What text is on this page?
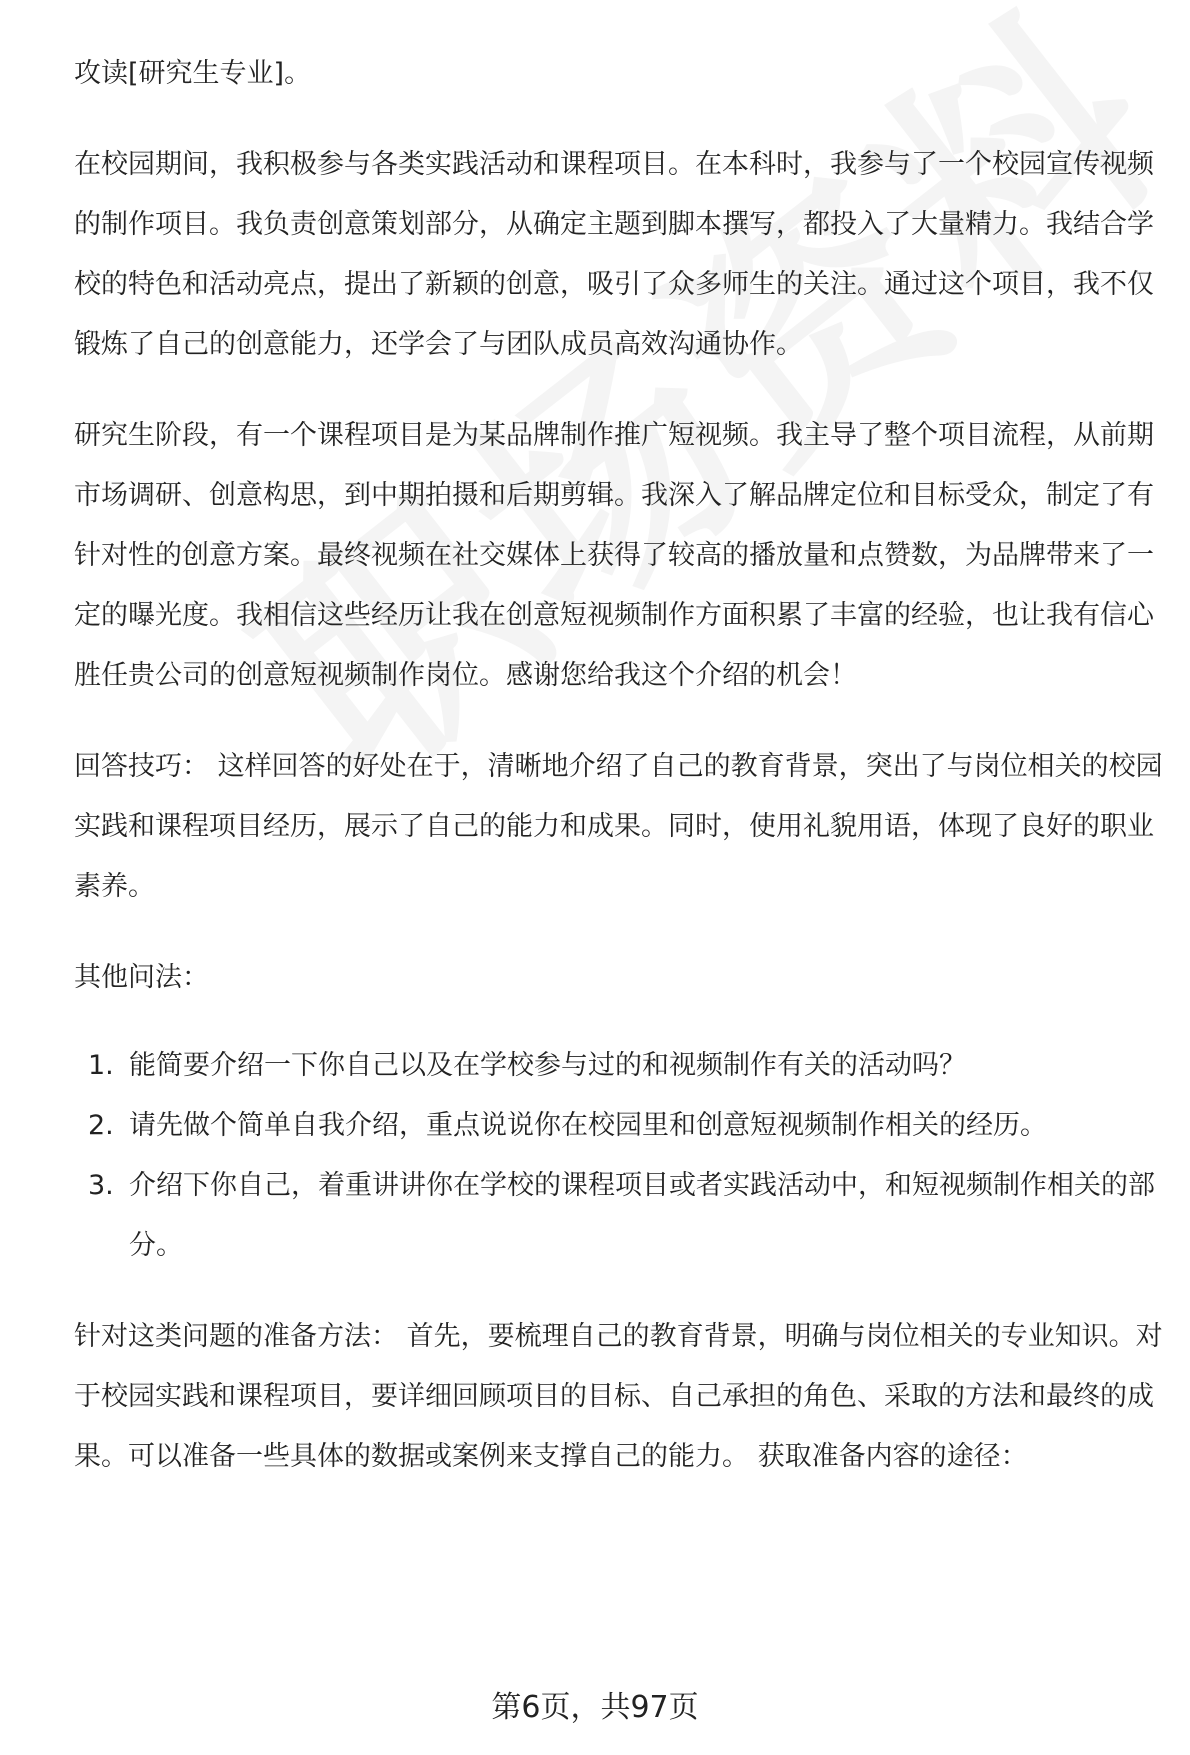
攻读[研究生专业]。

在校园期间，我积极参与各类实践活动和课程项目。在本科时，我参与了一个校园宣传视频的制作项目。我负责创意策划部分，从确定主题到脚本撰写，都投入了大量精力。我结合学校的特色和活动亮点，提出了新颖的创意，吸引了众多师生的关注。通过这个项目，我不仅锻炼了自己的创意能力，还学会了与团队成员高效沟通协作。

研究生阶段，有一个课程项目是为某品牌制作推广短视频。我主导了整个项目流程，从前期市场调研、创意构思，到中期拍摄和后期剪辑。我深入了解品牌定位和目标受众，制定了有针对性的创意方案。最终视频在社交媒体上获得了较高的播放量和点赞数，为品牌带来了一定的曝光度。我相信这些经历让我在创意短视频制作方面积累了丰富的经验，也让我有信心胜任贵公司的创意短视频制作岗位。感谢您给我这个介绍的机会！

回答技巧： 这样回答的好处在于，清晰地介绍了自己的教育背景，突出了与岗位相关的校园实践和课程项目经历，展示了自己的能力和成果。同时，使用礼貌用语，体现了良好的职业素养。

其他问法：

1. 能简要介绍一下你自己以及在学校参与过的和视频制作有关的活动吗？
2. 请先做个简单自我介绍，重点说说你在校园里和创意短视频制作相关的经历。
3. 介绍下你自己，着重讲讲你在学校的课程项目或者实践活动中，和短视频制作相关的部分。

针对这类问题的准备方法： 首先，要梳理自己的教育背景，明确与岗位相关的专业知识。对于校园实践和课程项目，要详细回顾项目的目标、自己承担的角色、采取的方法和最终的成果。可以准备一些具体的数据或案例来支撑自己的能力。 获取准备内容的途径：

第6页，共97页
